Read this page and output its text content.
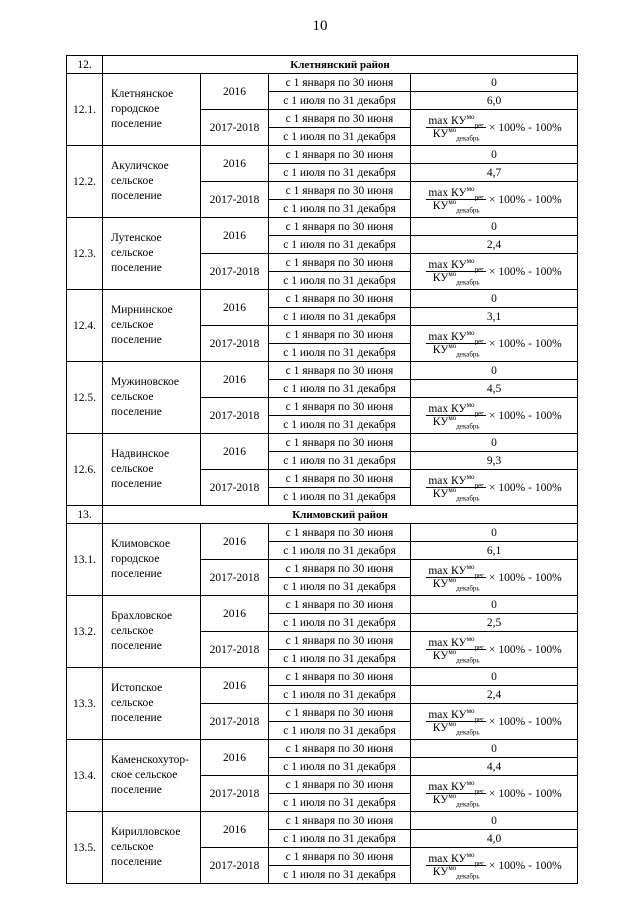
10
12.	Клетнянский район			
12.1.	Клетнянское городское поселение	2016	с 1 января по 30 июня	0
			с 1 июля по 31 декабря	6,0
		2017-2018	с 1 января по 30 июня	$\frac{\max КУ^{мо}_{рег}}{КУ^{мо}_{декабрь}} \times 100\% - 100\%$
			с 1 июля по 31 декабря	
12.2.	Акуличское сельское поселение	2016	с 1 января по 30 июня	0
			с 1 июля по 31 декабря	4,7
		2017-2018	с 1 января по 30 июня	$\frac{\max КУ^{мо}_{рег}}{КУ^{мо}_{декабрь}} \times 100\% - 100\%$
			с 1 июля по 31 декабря	
12.3.	Лутенское сельское поселение	2016	с 1 января по 30 июня	0
			с 1 июля по 31 декабря	2,4
		2017-2018	с 1 января по 30 июня	$\frac{\max КУ^{мо}_{рег}}{КУ^{мо}_{декабрь}} \times 100\% - 100\%$
			с 1 июля по 31 декабря	
12.4.	Мирнинское сельское поселение	2016	с 1 января по 30 июня	0
			с 1 июля по 31 декабря	3,1
		2017-2018	с 1 января по 30 июня	$\frac{\max КУ^{мо}_{рег}}{КУ^{мо}_{декабрь}} \times 100\% - 100\%$
			с 1 июля по 31 декабря	
12.5.	Мужиновское сельское поселение	2016	с 1 января по 30 июня	0
			с 1 июля по 31 декабря	4,5
		2017-2018	с 1 января по 30 июня	$\frac{\max КУ^{мо}_{рег}}{КУ^{мо}_{декабрь}} \times 100\% - 100\%$
			с 1 июля по 31 декабря	
12.6.	Надвинское сельское поселение	2016	с 1 января по 30 июня	0
			с 1 июля по 31 декабря	9,3
		2017-2018	с 1 января по 30 июня	$\frac{\max КУ^{мо}_{рег}}{КУ^{мо}_{декабрь}} \times 100\% - 100\%$
			с 1 июля по 31 декабря	
13.	Климовский район			
13.1.	Климовское городское поселение	2016	с 1 января по 30 июня	0
			с 1 июля по 31 декабря	6,1
		2017-2018	с 1 января по 30 июня	$\frac{\max КУ^{мо}_{рег}}{КУ^{мо}_{декабрь}} \times 100\% - 100\%$
			с 1 июля по 31 декабря	
13.2.	Брахловское сельское поселение	2016	с 1 января по 30 июня	0
			с 1 июля по 31 декабря	2,5
		2017-2018	с 1 января по 30 июня	$\frac{\max КУ^{мо}_{рег}}{КУ^{мо}_{декабрь}} \times 100\% - 100\%$
			с 1 июля по 31 декабря	
13.3.	Истопское сельское поселение	2016	с 1 января по 30 июня	0
			с 1 июля по 31 декабря	2,4
		2017-2018	с 1 января по 30 июня	$\frac{\max КУ^{мо}_{рег}}{КУ^{мо}_{декабрь}} \times 100\% - 100\%$
			с 1 июля по 31 декабря	
13.4.	Каменскохутор-ское сельское поселение	2016	с 1 января по 30 июня	0
			с 1 июля по 31 декабря	4,4
		2017-2018	с 1 января по 30 июня	$\frac{\max КУ^{мо}_{рег}}{КУ^{мо}_{декабрь}} \times 100\% - 100\%$
			с 1 июля по 31 декабря	
13.5.	Кирилловское сельское поселение	2016	с 1 января по 30 июня	0
			с 1 июля по 31 декабря	4,0
		2017-2018	с 1 января по 30 июня	$\frac{\max КУ^{мо}_{рег}}{КУ^{мо}_{декабрь}} \times 100\% - 100\%$
			с 1 июля по 31 декабря	
